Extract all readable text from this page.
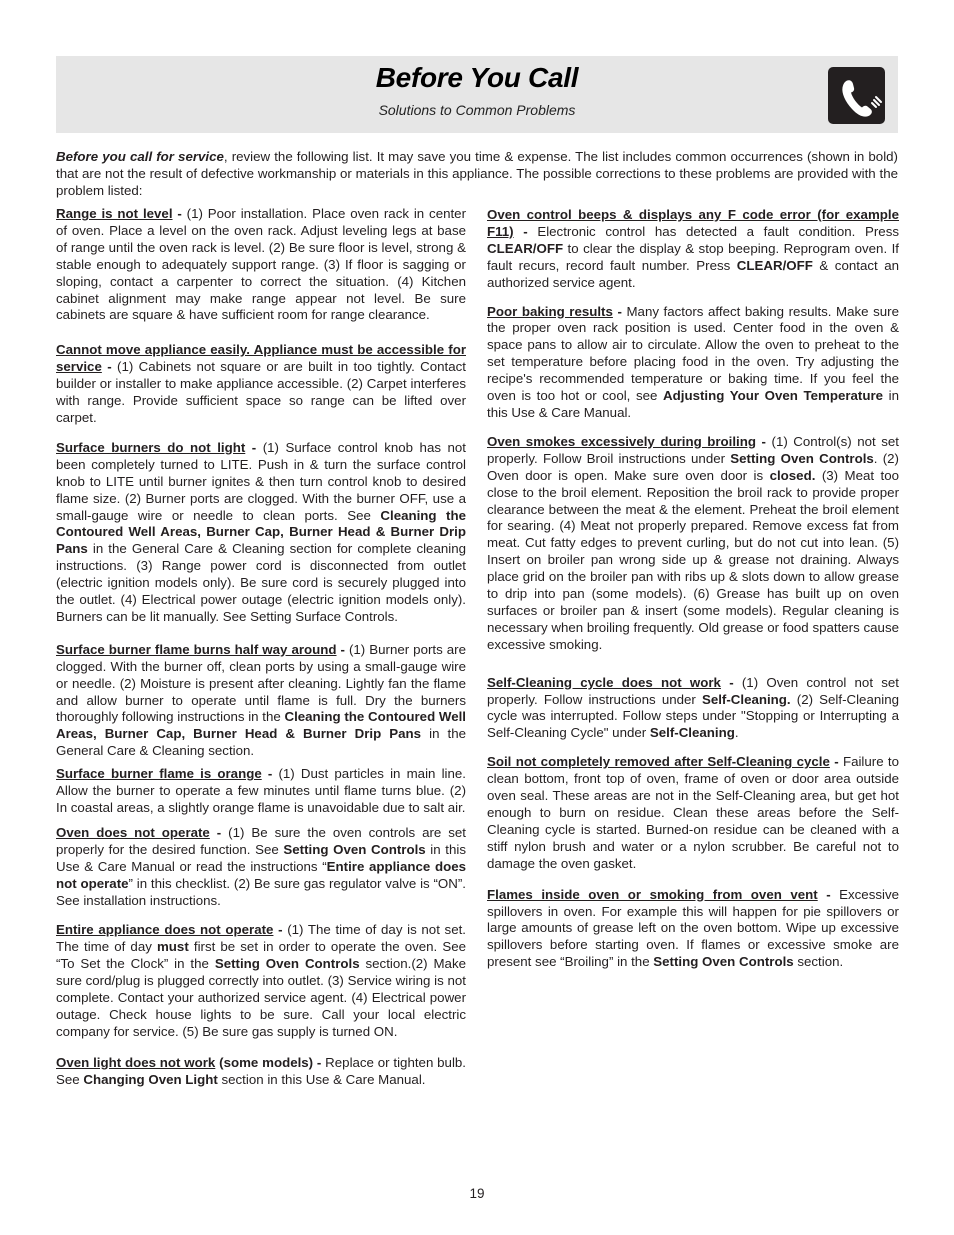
Before You Call
Solutions to Common Problems

Before you call for service, review the following list. It may save you time & expense. The list includes common occurrences (shown in bold) that are not the result of defective workmanship or materials in this appliance. The possible corrections to these problems are provided with the problem listed:

Range is not level - (1) Poor installation. Place oven rack in center of oven. Place a level on the oven rack. Adjust leveling legs at base of range until the oven rack is level. (2) Be sure floor is level, strong & stable enough to adequately support range. (3) If floor is sagging or sloping, contact a carpenter to correct the situation. (4) Kitchen cabinet alignment may make range appear not level. Be sure cabinets are square & have sufficient room for range clearance.

Cannot move appliance easily. Appliance must be accessible for service - (1) Cabinets not square or are built in too tightly. Contact builder or installer to make appliance accessible. (2) Carpet interferes with range. Provide sufficient space so range can be lifted over carpet.

Surface burners do not light - (1) Surface control knob has not been completely turned to LITE. Push in & turn the surface control knob to LITE until burner ignites & then turn control knob to desired flame size. (2) Burner ports are clogged. With the burner OFF, use a small-gauge wire or needle to clean ports. See Cleaning the Contoured Well Areas, Burner Cap, Burner Head & Burner Drip Pans in the General Care & Cleaning section for complete cleaning instructions. (3) Range power cord is disconnected from outlet (electric ignition models only). Be sure cord is securely plugged into the outlet. (4) Electrical power outage (electric ignition models only). Burners can be lit manually. See Setting Surface Controls.

Surface burner flame burns half way around - (1) Burner ports are clogged. With the burner off, clean ports by using a small-gauge wire or needle. (2) Moisture is present after cleaning. Lightly fan the flame and allow burner to operate until flame is full. Dry the burners thoroughly following instructions in the Cleaning the Contoured Well Areas, Burner Cap, Burner Head & Burner Drip Pans in the General Care & Cleaning section.

Surface burner flame is orange - (1) Dust particles in main line. Allow the burner to operate a few minutes until flame turns blue. (2) In coastal areas, a slightly orange flame is unavoidable due to salt air.

Oven does not operate - (1) Be sure the oven controls are set properly for the desired function. See Setting Oven Controls in this Use & Care Manual or read the instructions “Entire appliance does not operate” in this checklist. (2) Be sure gas regulator valve is “ON”. See installation instructions.

Entire appliance does not operate - (1) The time of day is not set. The time of day must first be set in order to operate the oven. See “To Set the Clock” in the Setting Oven Controls section.(2) Make sure cord/plug is plugged correctly into outlet. (3) Service wiring is not complete. Contact your authorized service agent. (4) Electrical power outage. Check house lights to be sure. Call your local electric company for service. (5) Be sure gas supply is turned ON.

Oven light does not work (some models) - Replace or tighten bulb. See Changing Oven Light section in this Use & Care Manual.

Oven control beeps & displays any F code error (for example F11) - Electronic control has detected a fault condition. Press CLEAR/OFF to clear the display & stop beeping. Reprogram oven. If fault recurs, record fault number. Press CLEAR/OFF & contact an authorized service agent.

Poor baking results - Many factors affect baking results. Make sure the proper oven rack position is used. Center food in the oven & space pans to allow air to circulate. Allow the oven to preheat to the set temperature before placing food in the oven. Try adjusting the recipe's recommended temperature or baking time. If you feel the oven is too hot or cool, see Adjusting Your Oven Temperature in this Use & Care Manual.

Oven smokes excessively during broiling - (1) Control(s) not set properly. Follow Broil instructions under Setting Oven Controls. (2) Oven door is open. Make sure oven door is closed. (3) Meat too close to the broil element. Reposition the broil rack to provide proper clearance between the meat & the element. Preheat the broil element for searing. (4) Meat not properly prepared. Remove excess fat from meat. Cut fatty edges to prevent curling, but do not cut into lean. (5) Insert on broiler pan wrong side up & grease not draining. Always place grid on the broiler pan with ribs up & slots down to allow grease to drip into pan (some models). (6) Grease has built up on oven surfaces or broiler pan & insert (some models). Regular cleaning is necessary when broiling frequently. Old grease or food spatters cause excessive smoking.

Self-Cleaning cycle does not work - (1) Oven control not set properly. Follow instructions under Self-Cleaning. (2) Self-Cleaning cycle was interrupted. Follow steps under "Stopping or Interrupting a Self-Cleaning Cycle" under Self-Cleaning.

Soil not completely removed after Self-Cleaning cycle - Failure to clean bottom, front top of oven, frame of oven or door area outside oven seal. These areas are not in the Self-Cleaning area, but get hot enough to burn on residue. Clean these areas before the Self-Cleaning cycle is started. Burned-on residue can be cleaned with a stiff nylon brush and water or a nylon scrubber. Be careful not to damage the oven gasket.

Flames inside oven or smoking from oven vent - Excessive spillovers in oven. For example this will happen for pie spillovers or large amounts of grease left on the oven bottom. Wipe up excessive spillovers before starting oven. If flames or excessive smoke are present see “Broiling” in the Setting Oven Controls section.

19
